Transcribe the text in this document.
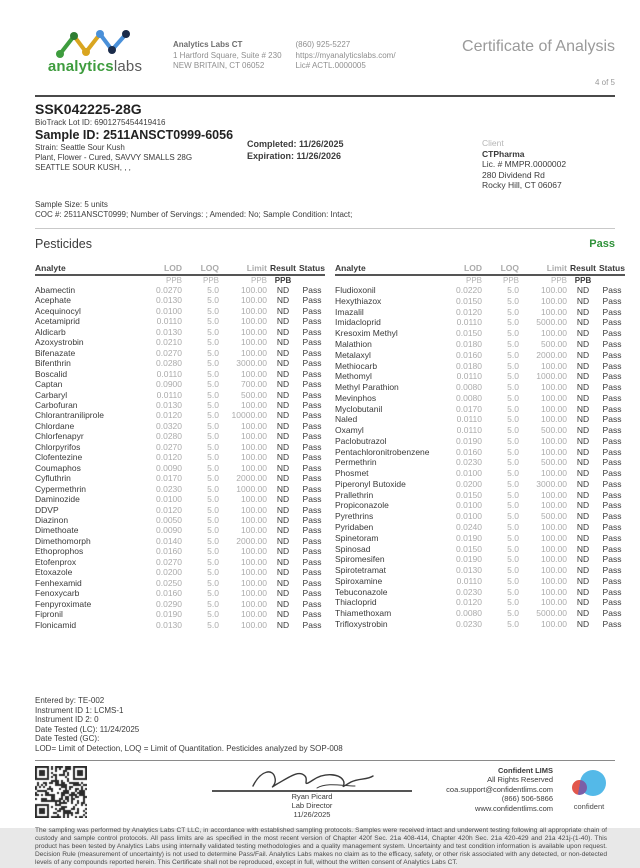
analyticslabs
Analytics Labs CT
1 Hartford Square, Suite # 230
NEW BRITAIN, CT 06052
(860) 925-5227
https://myanalyticslabs.com/
Lic# ACTL.0000005
Certificate of Analysis
4 of 5
SSK042225-28G
BioTrack Lot ID: 6901275454419416
Sample ID: 2511ANSCT0999-6056
Strain: Seattle Sour Kush
Plant, Flower - Cured, SAVVY SMALLS 28G
SEATTLE SOUR KUSH, , ,
Completed: 11/26/2025
Expiration: 11/26/2026
Client
CTPharma
Lic. # MMPR.0000002
280 Dividend Rd
Rocky Hill, CT 06067
Sample Size: 5 units
COC #: 2511ANSCT0999; Number of Servings: ; Amended: No; Sample Condition: Intact;
Pesticides	Pass
Analyte	LOD	LOQ	Limit	Result	Status
	PPB	PPB	PPB	PPB	
Abamectin	0.0270	5.0	100.00	ND	Pass
Acephate	0.0130	5.0	100.00	ND	Pass
Acequinocyl	0.0100	5.0	100.00	ND	Pass
Acetamiprid	0.0110	5.0	100.00	ND	Pass
Aldicarb	0.0130	5.0	100.00	ND	Pass
Azoxystrobin	0.0210	5.0	100.00	ND	Pass
Bifenazate	0.0270	5.0	100.00	ND	Pass
Bifenthrin	0.0280	5.0	3000.00	ND	Pass
Boscalid	0.0110	5.0	100.00	ND	Pass
Captan	0.0900	5.0	700.00	ND	Pass
Carbaryl	0.0110	5.0	500.00	ND	Pass
Carbofuran	0.0130	5.0	100.00	ND	Pass
Chlorantraniliprole	0.0120	5.0	10000.00	ND	Pass
Chlordane	0.0320	5.0	100.00	ND	Pass
Chlorfenapyr	0.0280	5.0	100.00	ND	Pass
Chlorpyrifos	0.0270	5.0	100.00	ND	Pass
Clofentezine	0.0120	5.0	100.00	ND	Pass
Coumaphos	0.0090	5.0	100.00	ND	Pass
Cyfluthrin	0.0170	5.0	2000.00	ND	Pass
Cypermethrin	0.0230	5.0	1000.00	ND	Pass
Daminozide	0.0100	5.0	100.00	ND	Pass
DDVP	0.0120	5.0	100.00	ND	Pass
Diazinon	0.0050	5.0	100.00	ND	Pass
Dimethoate	0.0090	5.0	100.00	ND	Pass
Dimethomorph	0.0140	5.0	2000.00	ND	Pass
Ethoprophos	0.0160	5.0	100.00	ND	Pass
Etofenprox	0.0270	5.0	100.00	ND	Pass
Etoxazole	0.0200	5.0	100.00	ND	Pass
Fenhexamid	0.0250	5.0	100.00	ND	Pass
Fenoxycarb	0.0160	5.0	100.00	ND	Pass
Fenpyroximate	0.0290	5.0	100.00	ND	Pass
Fipronil	0.0190	5.0	100.00	ND	Pass
Flonicamid	0.0130	5.0	100.00	ND	Pass
Analyte	LOD	LOQ	Limit	Result	Status
	PPB	PPB	PPB	PPB	
Fludioxonil	0.0220	5.0	100.00	ND	Pass
Hexythiazox	0.0150	5.0	100.00	ND	Pass
Imazalil	0.0120	5.0	100.00	ND	Pass
Imidacloprid	0.0110	5.0	5000.00	ND	Pass
Kresoxim Methyl	0.0150	5.0	100.00	ND	Pass
Malathion	0.0180	5.0	500.00	ND	Pass
Metalaxyl	0.0160	5.0	2000.00	ND	Pass
Methiocarb	0.0180	5.0	100.00	ND	Pass
Methomyl	0.0110	5.0	1000.00	ND	Pass
Methyl Parathion	0.0080	5.0	100.00	ND	Pass
Mevinphos	0.0080	5.0	100.00	ND	Pass
Myclobutanil	0.0170	5.0	100.00	ND	Pass
Naled	0.0110	5.0	100.00	ND	Pass
Oxamyl	0.0110	5.0	500.00	ND	Pass
Paclobutrazol	0.0190	5.0	100.00	ND	Pass
Pentachloronitrobenzene	0.0160	5.0	100.00	ND	Pass
Permethrin	0.0230	5.0	500.00	ND	Pass
Phosmet	0.0100	5.0	100.00	ND	Pass
Piperonyl Butoxide	0.0200	5.0	3000.00	ND	Pass
Prallethrin	0.0150	5.0	100.00	ND	Pass
Propiconazole	0.0100	5.0	100.00	ND	Pass
Pyrethrins	0.0100	5.0	500.00	ND	Pass
Pyridaben	0.0240	5.0	100.00	ND	Pass
Spinetoram	0.0190	5.0	100.00	ND	Pass
Spinosad	0.0150	5.0	100.00	ND	Pass
Spiromesifen	0.0190	5.0	100.00	ND	Pass
Spirotetramat	0.0130	5.0	100.00	ND	Pass
Spiroxamine	0.0110	5.0	100.00	ND	Pass
Tebuconazole	0.0230	5.0	100.00	ND	Pass
Thiacloprid	0.0120	5.0	100.00	ND	Pass
Thiamethoxam	0.0080	5.0	5000.00	ND	Pass
Trifloxystrobin	0.0230	5.0	100.00	ND	Pass
Entered by: TE-002
Instrument ID 1: LCMS-1
Instrument ID 2: 0
Date Tested (LC): 11/24/2025
Date Tested (GC):
LOD= Limit of Detection, LOQ = Limit of Quantitation. Pesticides analyzed by SOP-008
Ryan Picard
Lab Director
11/26/2025
Confident LIMS
All Rights Reserved
coa.support@confidentlims.com
(866) 506-5866
www.confidentlims.com	confident
The sampling was performed by Analytics Labs CT LLC, in accordance with established sampling protocols. Samples were received intact and underwent testing following all appropriate chain of custody and sample control protocols. All pass limits are as specified in the most recent version of Chapter 420f Sec. 21a 408-414, Chapter 420h Sec. 21a 420-429 and 21a 421j-(1-40). This product has been tested by Analytics Labs using internally validated testing methodologies and a quality management system. Uncertainty and test condition information is available upon request. Decision Rule (measurement of uncertainty) is not used to determine Pass/Fail. Analytics Labs makes no claim as to the efficacy, safety, or other risk associated with any detected, or non-detected levels of any compounds reported herein. This Certificate shall not be reproduced, except in full, without the written consent of Analytics Labs CT.
